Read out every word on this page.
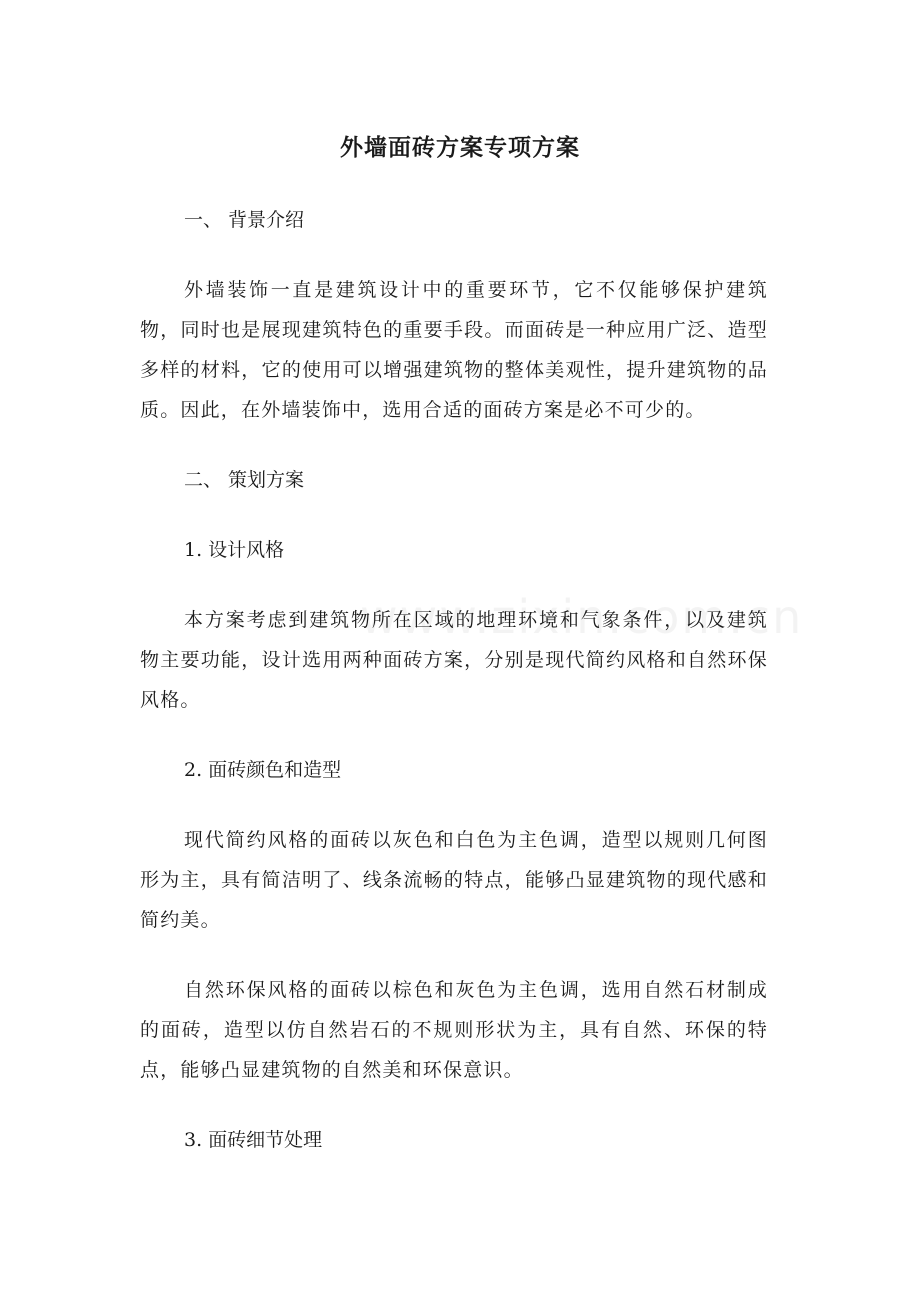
外墙面砖方案专项方案

一、 背景介绍

外墙装饰一直是建筑设计中的重要环节，它不仅能够保护建筑物，同时也是展现建筑特色的重要手段。而面砖是一种应用广泛、造型多样的材料，它的使用可以增强建筑物的整体美观性，提升建筑物的品质。因此，在外墙装饰中，选用合适的面砖方案是必不可少的。

二、 策划方案

1. 设计风格

本方案考虑到建筑物所在区域的地理环境和气象条件，以及建筑物主要功能，设计选用两种面砖方案，分别是现代简约风格和自然环保风格。

2. 面砖颜色和造型

现代简约风格的面砖以灰色和白色为主色调，造型以规则几何图形为主，具有简洁明了、线条流畅的特点，能够凸显建筑物的现代感和简约美。

自然环保风格的面砖以棕色和灰色为主色调，选用自然石材制成的面砖，造型以仿自然岩石的不规则形状为主，具有自然、环保的特点，能够凸显建筑物的自然美和环保意识。

3. 面砖细节处理
